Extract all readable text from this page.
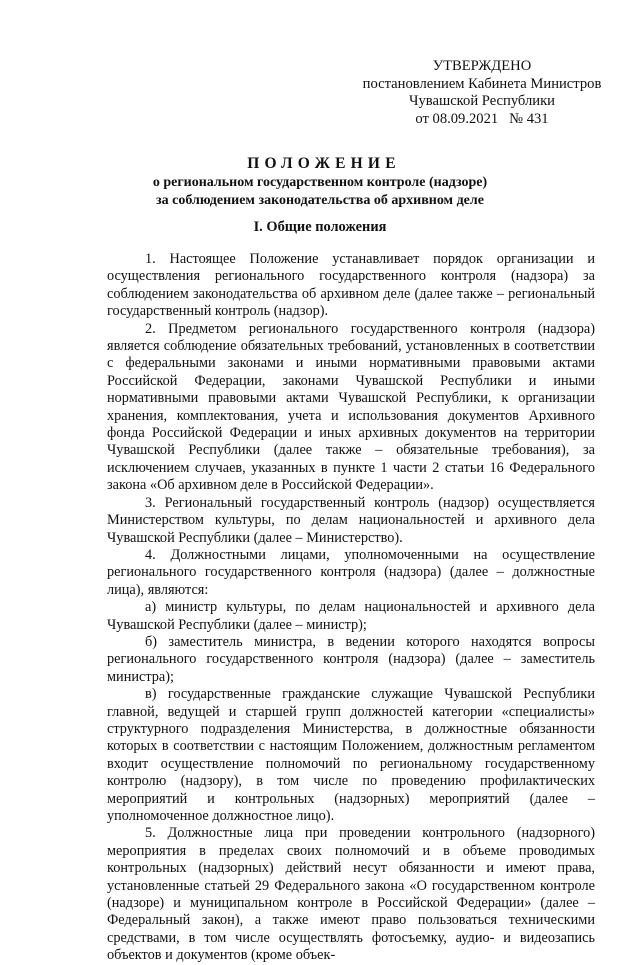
УТВЕРЖДЕНО
постановлением Кабинета Министров
Чувашской Республики
от 08.09.2021   № 431
ПОЛОЖЕНИЕ
о региональном государственном контроле (надзоре)
за соблюдением законодательства об архивном деле
I. Общие положения

1. Настоящее Положение устанавливает порядок организации и осуществления регионального государственного контроля (надзора) за соблюдением законодательства об архивном деле (далее также – региональный государственный контроль (надзор).

2. Предметом регионального государственного контроля (надзора) является соблюдение обязательных требований, установленных в соответствии с федеральными законами и иными нормативными правовыми актами Российской Федерации, законами Чувашской Республики и иными нормативными правовыми актами Чувашской Республики, к организации хранения, комплектования, учета и использования документов Архивного фонда Российской Федерации и иных архивных документов на территории Чувашской Республики (далее также – обязательные требования), за исключением случаев, указанных в пункте 1 части 2 статьи 16 Федерального закона «Об архивном деле в Российской Федерации».

3. Региональный государственный контроль (надзор) осуществляется Министерством культуры, по делам национальностей и архивного дела Чувашской Республики (далее – Министерство).

4. Должностными лицами, уполномоченными на осуществление регионального государственного контроля (надзора) (далее – должностные лица), являются:

а) министр культуры, по делам национальностей и архивного дела Чувашской Республики (далее – министр);

б) заместитель министра, в ведении которого находятся вопросы регионального государственного контроля (надзора) (далее – заместитель министра);

в) государственные гражданские служащие Чувашской Республики главной, ведущей и старшей групп должностей категории «специалисты» структурного подразделения Министерства, в должностные обязанности которых в соответствии с настоящим Положением, должностным регламентом входит осуществление полномочий по региональному государственному контролю (надзору), в том числе по проведению профилактических мероприятий и контрольных (надзорных) мероприятий (далее – уполномоченное должностное лицо).

5. Должностные лица при проведении контрольного (надзорного) мероприятия в пределах своих полномочий и в объеме проводимых контрольных (надзорных) действий несут обязанности и имеют права, установленные статьей 29 Федерального закона «О государственном контроле (надзоре) и муниципальном контроле в Российской Федерации» (далее – Федеральный закон), а также имеют право пользоваться техническими средствами, в том числе осуществлять фотосъемку, аудио- и видеозапись объектов и документов (кроме объек-
